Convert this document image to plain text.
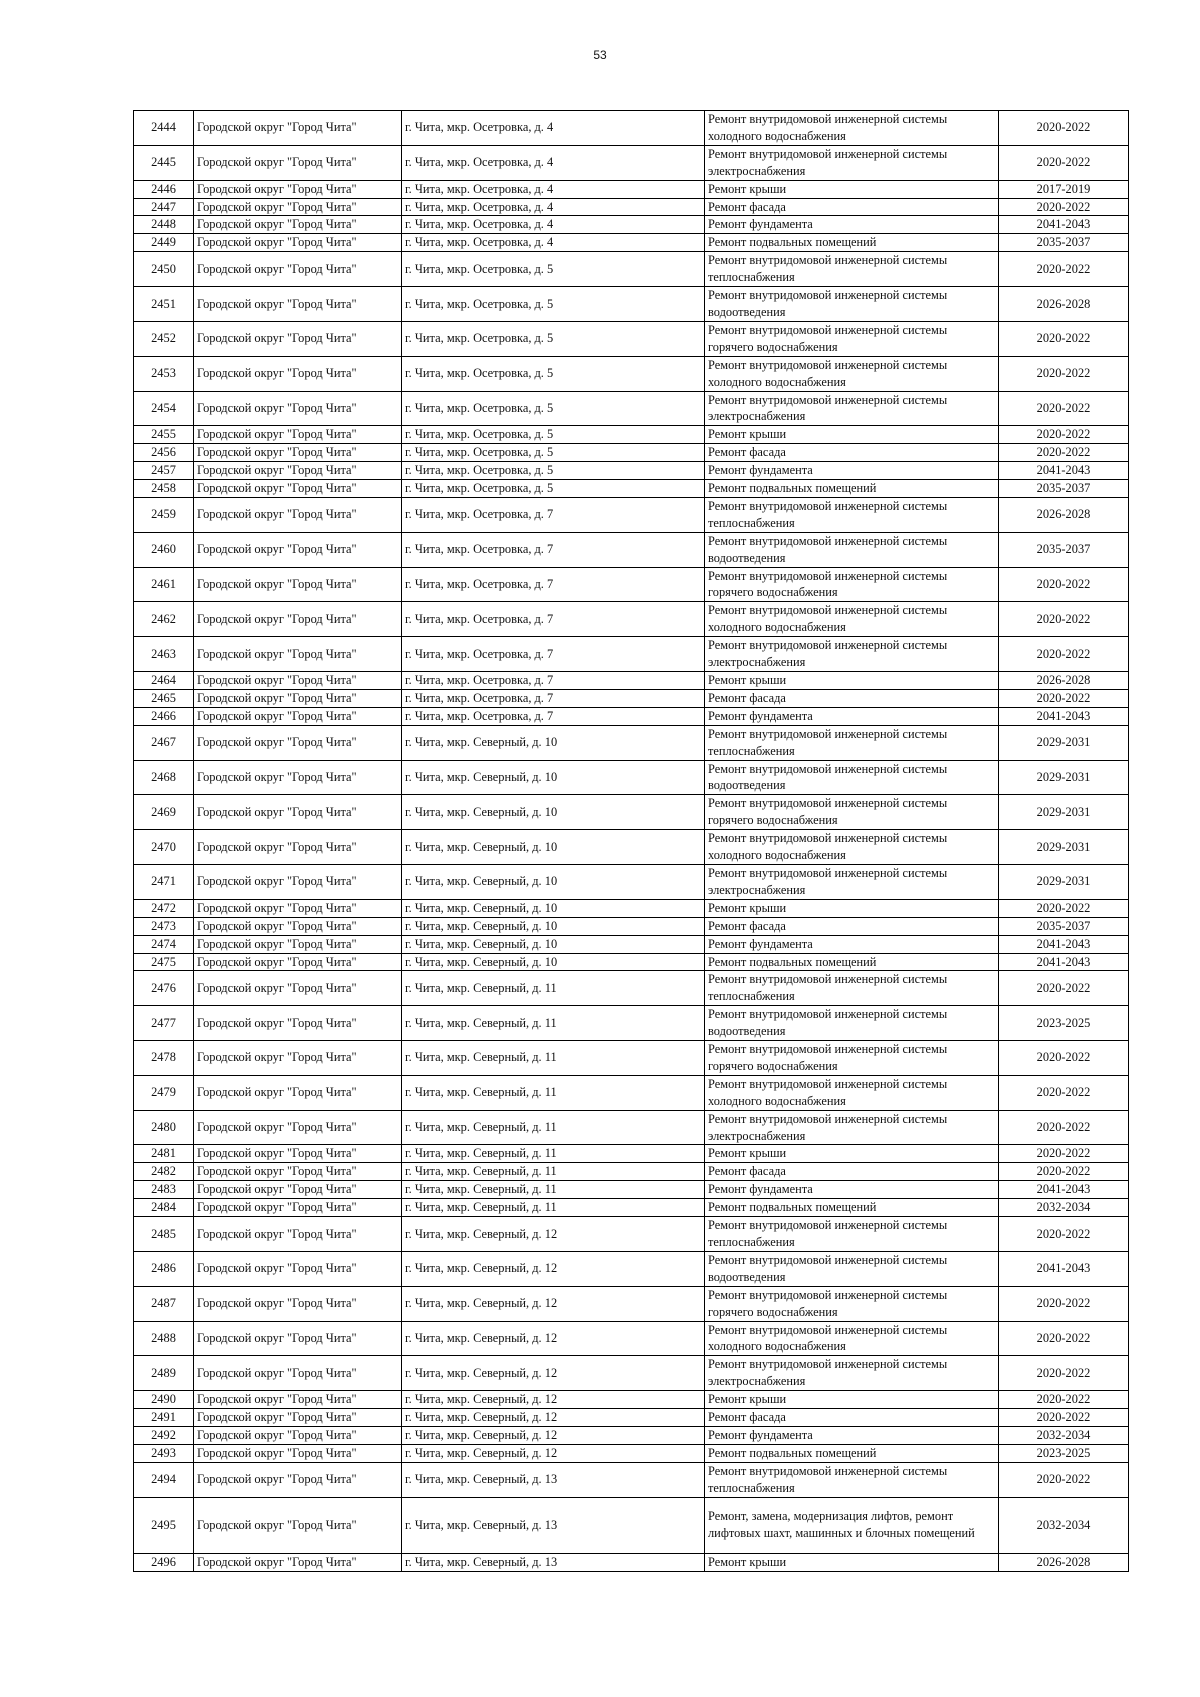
53
2444	Городской округ "Город Чита"	г. Чита, мкр. Осетровка, д. 4	Ремонт внутридомовой инженерной системы холодного водоснабжения	2020-2022
2445	Городской округ "Город Чита"	г. Чита, мкр. Осетровка, д. 4	Ремонт внутридомовой инженерной системы электроснабжения	2020-2022
2446	Городской округ "Город Чита"	г. Чита, мкр. Осетровка, д. 4	Ремонт крыши	2017-2019
2447	Городской округ "Город Чита"	г. Чита, мкр. Осетровка, д. 4	Ремонт фасада	2020-2022
2448	Городской округ "Город Чита"	г. Чита, мкр. Осетровка, д. 4	Ремонт фундамента	2041-2043
2449	Городской округ "Город Чита"	г. Чита, мкр. Осетровка, д. 4	Ремонт подвальных помещений	2035-2037
2450	Городской округ "Город Чита"	г. Чита, мкр. Осетровка, д. 5	Ремонт внутридомовой инженерной системы теплоснабжения	2020-2022
2451	Городской округ "Город Чита"	г. Чита, мкр. Осетровка, д. 5	Ремонт внутридомовой инженерной системы водоотведения	2026-2028
2452	Городской округ "Город Чита"	г. Чита, мкр. Осетровка, д. 5	Ремонт внутридомовой инженерной системы горячего водоснабжения	2020-2022
2453	Городской округ "Город Чита"	г. Чита, мкр. Осетровка, д. 5	Ремонт внутридомовой инженерной системы холодного водоснабжения	2020-2022
2454	Городской округ "Город Чита"	г. Чита, мкр. Осетровка, д. 5	Ремонт внутридомовой инженерной системы электроснабжения	2020-2022
2455	Городской округ "Город Чита"	г. Чита, мкр. Осетровка, д. 5	Ремонт крыши	2020-2022
2456	Городской округ "Город Чита"	г. Чита, мкр. Осетровка, д. 5	Ремонт фасада	2020-2022
2457	Городской округ "Город Чита"	г. Чита, мкр. Осетровка, д. 5	Ремонт фундамента	2041-2043
2458	Городской округ "Город Чита"	г. Чита, мкр. Осетровка, д. 5	Ремонт подвальных помещений	2035-2037
2459	Городской округ "Город Чита"	г. Чита, мкр. Осетровка, д. 7	Ремонт внутридомовой инженерной системы теплоснабжения	2026-2028
2460	Городской округ "Город Чита"	г. Чита, мкр. Осетровка, д. 7	Ремонт внутридомовой инженерной системы водоотведения	2035-2037
2461	Городской округ "Город Чита"	г. Чита, мкр. Осетровка, д. 7	Ремонт внутридомовой инженерной системы горячего водоснабжения	2020-2022
2462	Городской округ "Город Чита"	г. Чита, мкр. Осетровка, д. 7	Ремонт внутридомовой инженерной системы холодного водоснабжения	2020-2022
2463	Городской округ "Город Чита"	г. Чита, мкр. Осетровка, д. 7	Ремонт внутридомовой инженерной системы электроснабжения	2020-2022
2464	Городской округ "Город Чита"	г. Чита, мкр. Осетровка, д. 7	Ремонт крыши	2026-2028
2465	Городской округ "Город Чита"	г. Чита, мкр. Осетровка, д. 7	Ремонт фасада	2020-2022
2466	Городской округ "Город Чита"	г. Чита, мкр. Осетровка, д. 7	Ремонт фундамента	2041-2043
2467	Городской округ "Город Чита"	г. Чита, мкр. Северный, д. 10	Ремонт внутридомовой инженерной системы теплоснабжения	2029-2031
2468	Городской округ "Город Чита"	г. Чита, мкр. Северный, д. 10	Ремонт внутридомовой инженерной системы водоотведения	2029-2031
2469	Городской округ "Город Чита"	г. Чита, мкр. Северный, д. 10	Ремонт внутридомовой инженерной системы горячего водоснабжения	2029-2031
2470	Городской округ "Город Чита"	г. Чита, мкр. Северный, д. 10	Ремонт внутридомовой инженерной системы холодного водоснабжения	2029-2031
2471	Городской округ "Город Чита"	г. Чита, мкр. Северный, д. 10	Ремонт внутридомовой инженерной системы электроснабжения	2029-2031
2472	Городской округ "Город Чита"	г. Чита, мкр. Северный, д. 10	Ремонт крыши	2020-2022
2473	Городской округ "Город Чита"	г. Чита, мкр. Северный, д. 10	Ремонт фасада	2035-2037
2474	Городской округ "Город Чита"	г. Чита, мкр. Северный, д. 10	Ремонт фундамента	2041-2043
2475	Городской округ "Город Чита"	г. Чита, мкр. Северный, д. 10	Ремонт подвальных помещений	2041-2043
2476	Городской округ "Город Чита"	г. Чита, мкр. Северный, д. 11	Ремонт внутридомовой инженерной системы теплоснабжения	2020-2022
2477	Городской округ "Город Чита"	г. Чита, мкр. Северный, д. 11	Ремонт внутридомовой инженерной системы водоотведения	2023-2025
2478	Городской округ "Город Чита"	г. Чита, мкр. Северный, д. 11	Ремонт внутридомовой инженерной системы горячего водоснабжения	2020-2022
2479	Городской округ "Город Чита"	г. Чита, мкр. Северный, д. 11	Ремонт внутридомовой инженерной системы холодного водоснабжения	2020-2022
2480	Городской округ "Город Чита"	г. Чита, мкр. Северный, д. 11	Ремонт внутридомовой инженерной системы электроснабжения	2020-2022
2481	Городской округ "Город Чита"	г. Чита, мкр. Северный, д. 11	Ремонт крыши	2020-2022
2482	Городской округ "Город Чита"	г. Чита, мкр. Северный, д. 11	Ремонт фасада	2020-2022
2483	Городской округ "Город Чита"	г. Чита, мкр. Северный, д. 11	Ремонт фундамента	2041-2043
2484	Городской округ "Город Чита"	г. Чита, мкр. Северный, д. 11	Ремонт подвальных помещений	2032-2034
2485	Городской округ "Город Чита"	г. Чита, мкр. Северный, д. 12	Ремонт внутридомовой инженерной системы теплоснабжения	2020-2022
2486	Городской округ "Город Чита"	г. Чита, мкр. Северный, д. 12	Ремонт внутридомовой инженерной системы водоотведения	2041-2043
2487	Городской округ "Город Чита"	г. Чита, мкр. Северный, д. 12	Ремонт внутридомовой инженерной системы горячего водоснабжения	2020-2022
2488	Городской округ "Город Чита"	г. Чита, мкр. Северный, д. 12	Ремонт внутридомовой инженерной системы холодного водоснабжения	2020-2022
2489	Городской округ "Город Чита"	г. Чита, мкр. Северный, д. 12	Ремонт внутридомовой инженерной системы электроснабжения	2020-2022
2490	Городской округ "Город Чита"	г. Чита, мкр. Северный, д. 12	Ремонт крыши	2020-2022
2491	Городской округ "Город Чита"	г. Чита, мкр. Северный, д. 12	Ремонт фасада	2020-2022
2492	Городской округ "Город Чита"	г. Чита, мкр. Северный, д. 12	Ремонт фундамента	2032-2034
2493	Городской округ "Город Чита"	г. Чита, мкр. Северный, д. 12	Ремонт подвальных помещений	2023-2025
2494	Городской округ "Город Чита"	г. Чита, мкр. Северный, д. 13	Ремонт внутридомовой инженерной системы теплоснабжения	2020-2022
2495	Городской округ "Город Чита"	г. Чита, мкр. Северный, д. 13	Ремонт, замена, модернизация лифтов, ремонт лифтовых шахт, машинных и блочных помещений	2032-2034
2496	Городской округ "Город Чита"	г. Чита, мкр. Северный, д. 13	Ремонт крыши	2026-2028
